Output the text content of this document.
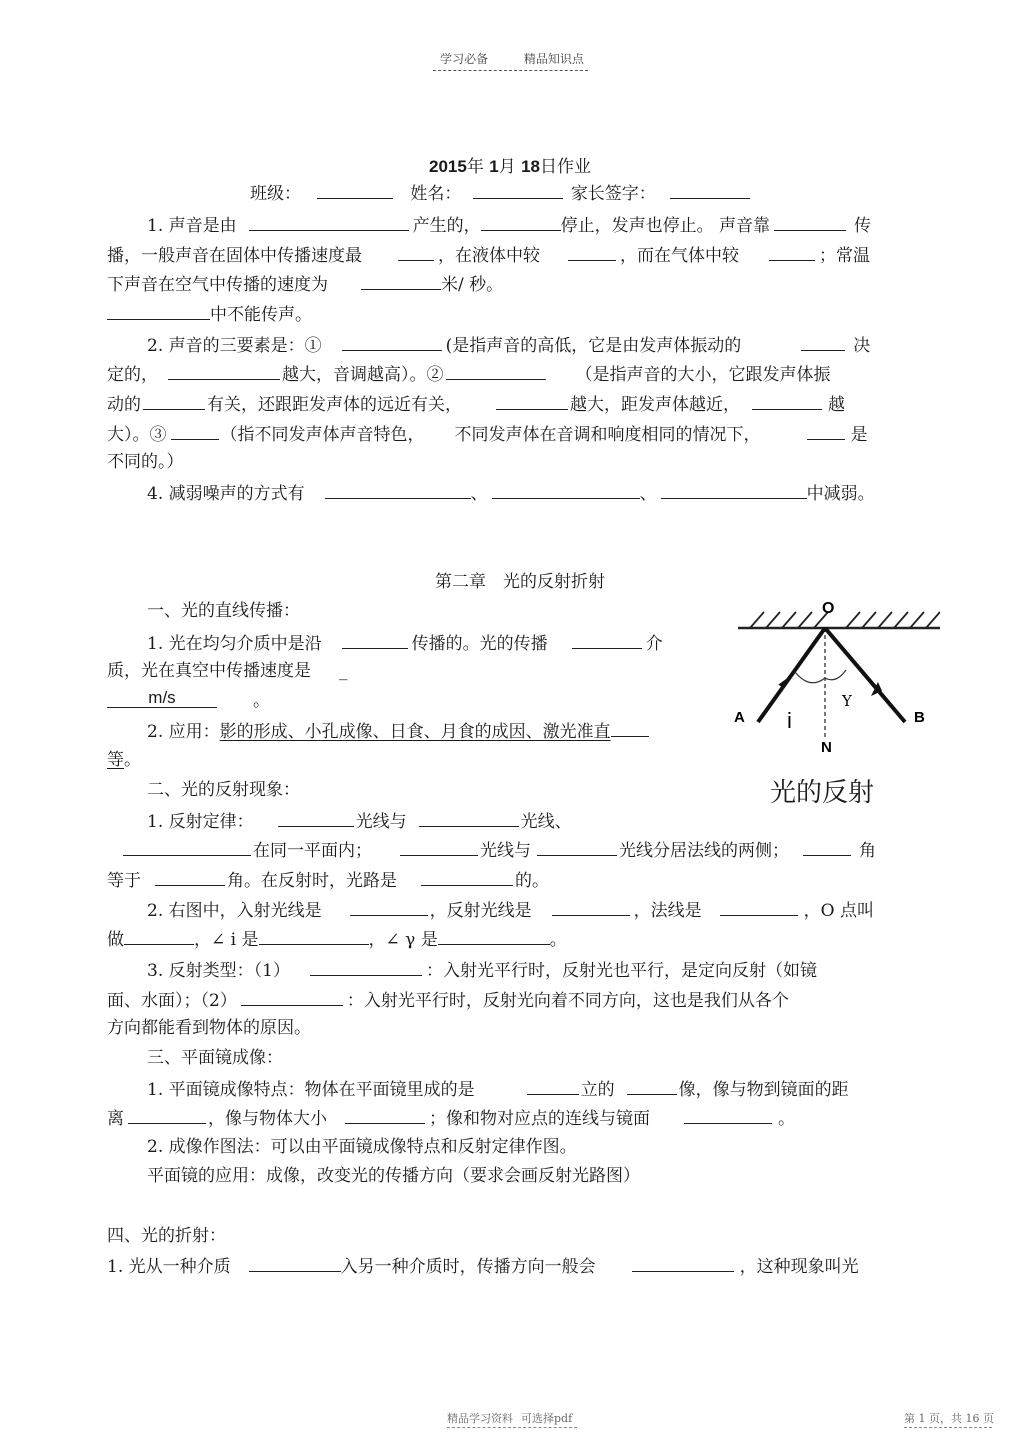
学习必备	精品知识点
2015年 1月 18日作业
班级：	姓名：	家长签字：
1. 声音是由	产生的，	停止，发声也停止。 声音靠	传
播，一般声音在固体中传播速度最	，在液体中较	，而在气体中较	；常温
下声音在空气中传播的速度为	米/ 秒。
中不能传声。
2. 声音的三要素是：①	(是指声音的高低，它是由发声体振动的	决
定的，	越大，音调越高）。②	（是指声音的大小，它跟发声体振
动的	有关，还跟距发声体的远近有关，	越大，距发声体越近，	越
大）。③	（指不同发声体声音特色， 不同发声体在音调和响度相同的情况下，	是
不同的。）
4. 减弱噪声的方式有	、	、	中减弱。
第二章　光的反射折射
一、光的直线传播：
1. 光在均匀介质中是沿	传播的。光的传播	介
质，光在真空中传播速度是 _
m/s	。
2. 应用：影的形成、小孔成像、日食、月食的成因、激光准直
等。
二、光的反射现象：
1. 反射定律：	光线与	光线、
在同一平面内；	光线与	光线分居法线的两侧；	角
等于	角。在反射时，光路是	的。
2. 右图中，入射光线是	，反射光线是	，法线是	，O 点叫
做	，∠ i 是	，∠ γ 是	。
3. 反射类型：（1）	：入射光平行时，反射光也平行，是定向反射（如镜
面、水面）；（2）	：入射光平行时，反射光向着不同方向，这也是我们从各个
方向都能看到物体的原因。
三、平面镜成像：
1. 平面镜成像特点：物体在平面镜里成的是	立的	像，像与物到镜面的距
离	，像与物体大小	；像和物对应点的连线与镜面	。
2. 成像作图法：可以由平面镜成像特点和反射定律作图。
平面镜的应用：成像，改变光的传播方向（要求会画反射光路图）
四、光的折射：
1. 光从一种介质	入另一种介质时，传播方向一般会	，这种现象叫光
O
A	B
N
i
Y
光的反射
精品学习资料 可选择pdf	第 1 页，共 16 页
